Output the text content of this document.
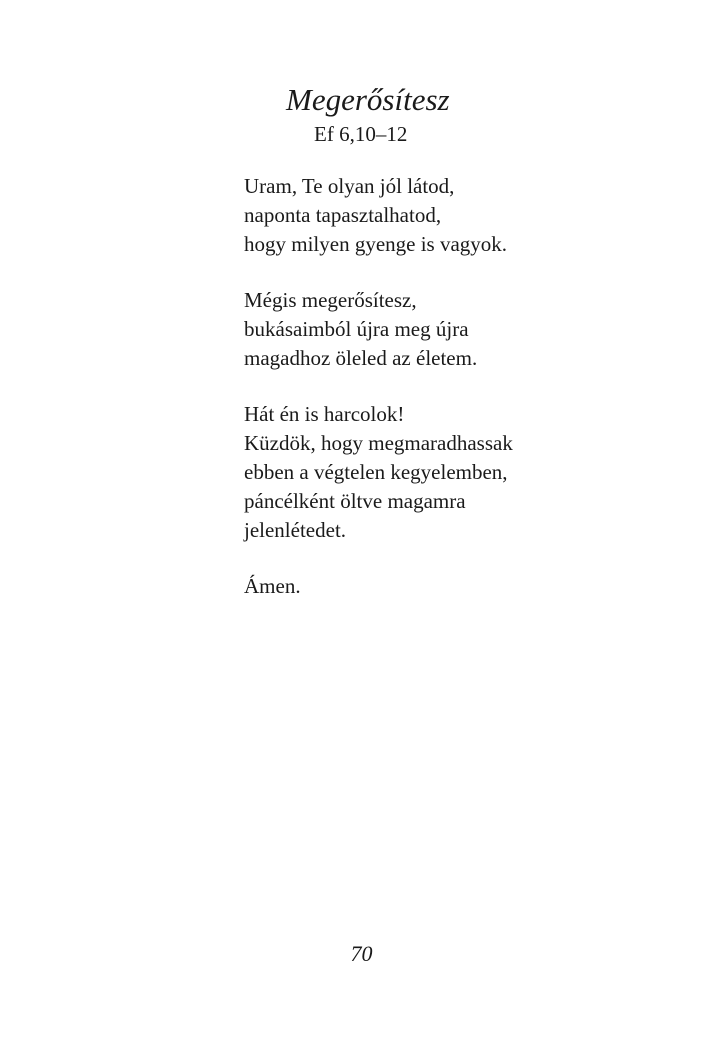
Megerősítesz
Ef 6,10–12
Uram, Te olyan jól látod,
naponta tapasztalhatod,
hogy milyen gyenge is vagyok.
Mégis megerősítesz,
bukásaimból újra meg újra
magadhoz öleled az életem.
Hát én is harcolok!
Küzdök, hogy megmaradhassak
ebben a végtelen kegyelemben,
páncélként öltve magamra
jelenlétedet.
Ámen.
70
